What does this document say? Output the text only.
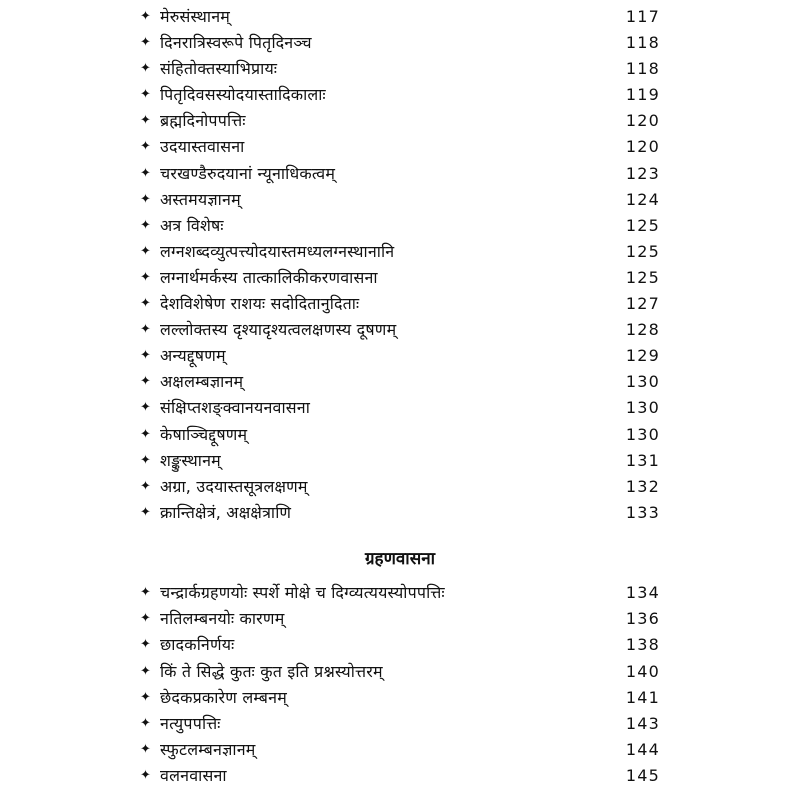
✦ मेरुसंस्थानम्	117
✦ दिनरात्रिस्वरूपे पितृदिनञ्च	118
✦ संहितोक्तस्याभिप्रायः	118
✦ पितृदिवसस्योदयास्तादिकालाः	119
✦ ब्रह्मदिनोपपत्तिः	120
✦ उदयास्तवासना	120
✦ चरखण्डैरुदयानां न्यूनाधिकत्वम्	123
✦ अस्तमयज्ञानम्	124
✦ अत्र विशेषः	125
✦ लग्नशब्दव्युत्पत्त्योदयास्तमध्यलग्नस्थानानि	125
✦ लग्नार्थमर्कस्य तात्कालिकीकरणवासना	125
✦ देशविशेषेण राशयः सदोदितानुदिताः	127
✦ लल्लोक्तस्य दृश्यादृश्यत्वलक्षणस्य दूषणम्	128
✦ अन्यद्दूषणम्	129
✦ अक्षलम्बज्ञानम्	130
✦ संक्षिप्तशङ्क्वानयनवासना	130
✦ केषाञ्चिद्दूषणम्	130
✦ शङ्कुस्थानम्	131
✦ अग्रा, उदयास्तसूत्रलक्षणम्	132
✦ क्रान्तिक्षेत्रं, अक्षक्षेत्राणि	133
ग्रहणवासना
✦ चन्द्रार्कग्रहणयोः स्पर्शे मोक्षे च दिग्व्यत्ययस्योपपत्तिः	134
✦ नतिलम्बनयोः कारणम्	136
✦ छादकनिर्णयः	138
✦ किं ते सिद्धे कुतः कुत इति प्रश्नस्योत्तरम्	140
✦ छेदकप्रकारेण लम्बनम्	141
✦ नत्युपपत्तिः	143
✦ स्फुटलम्बनज्ञानम्	144
✦ वलनवासना	145
